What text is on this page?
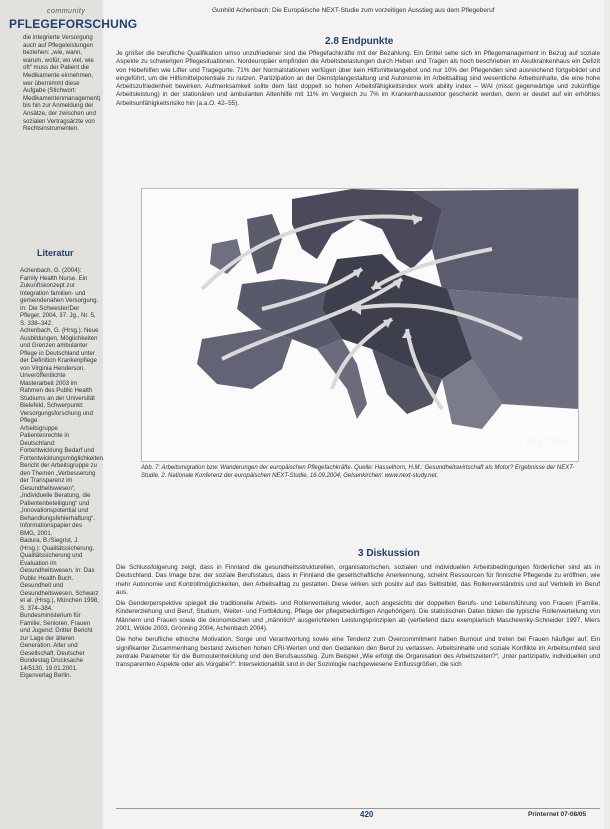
community
PFLEGEFORSCHUNG
Gunhild Achenbach: Die Europäische NEXT-Studie zum vorzeitigen Ausstieg aus dem Pflegeberuf
die integrierte Versorgung auch auf Pflegeleistungen beziehen: „wie, wann, warum, wofür, wo viel, wie oft“ muss der Patient die Medikamente einnehmen, wer übernimmt diese Aufgabe (Stichwort: Medikamentenmanagement) bis hin zur Anmeldung der Ansätze, der zwischen und sozialen Vertragsärzte von Rechtsinstrumenten.
Literatur

Achenbach, G. (2004): Family Health Nurse. Ein Zukunftskonzept zur Integration familien- und gemeindenahen Versorgung. In: Die Schwester/Der Pfleger, 2004, 37. Jg., Nr. 5, S. 338–342.

Achenbach, G. (Hrsg.): Neue Ausbildungen, Möglichkeiten und Grenzen ambulanter Pflege in Deutschland unter der Definition Krankenpflege von Virginia Henderson. Unveröffentlichte Masterarbeit 2003 im Rahmen des Public Health Studiums an der Universität Bielefeld, Schwerpunkt: Versorgungsforschung und Pflege.

Arbeitsgruppe Patientenrechte in Deutschland: Fortentwicklung Bedarf und Fortentwicklungsmöglichkeiten. Bericht der Arbeitsgruppe zu den Themen „Verbesserung der Transparenz im Gesundheitswesen“, „Individuelle Beratung, die Patientenbeteiligung“ und „Innovationspotential und Behandlungsfehlerhaftung“. Informationspapier des BMG, 2001.

Badura, B./Siegrist, J. (Hrsg.): Qualitätssicherung, Qualitätssicherung und Evaluation im Gesundheitswesen. In: Das Public Health Buch. Gesundheit und Gesundheitswesen. Schwarz et al. (Hrsg.), München 1998, S. 374–384.

Bundesministerium für Familie, Senioren, Frauen und Jugend: Dritter Bericht zur Lage der älteren Generation. Alter und Gesellschaft. Deutscher Bundestag Drucksache 14/5130, 19.01.2001. Eigenverlag Berlin.

2.8 Endpunkte

Je größer die berufliche Qualifikation umso unzufriedener sind die Pflegefachkräfte mit der Bezahlung. Ein Drittel sehe sich im Pflegemanagement in Bezug auf soziale Aspekte zu schwierigen Pflegesituationen. Nordeuropäer empfinden die Arbeitsbelastungen durch Heben und Tragen als hoch beschrieben im Akutkrankenhaus ein Defizit von Hebehilfen wie Lifter und Tragegurte. 71% der Normalstationen verfügen über kein Hilfsmittelangebot und nur 10% der Pflegenden sind ausreichend fortgebildet und eingeführt, um die Hilfsmittelpotentiale zu nutzen. Partizipation an der Dienstplangestaltung und Autonomie im Arbeitsalltag sind wesentliche Arbeitsinhalte, die eine hohe Arbeitszufriedenheit bewirken. Aufmerksamkeit sollte dem fast doppelt so hohen Arbeitsfähigkeitsindex work ability index – WAI (misst gegenwärtige und zukünftige Arbeitsleistung) in der stationären und ambulanten Altenhilfe mit 11% im Vergleich zu 7% im Krankenhaussektor geschenkt werden, denn er deutet auf ein erhöhtes Arbeitsunfähigkeitsrisiko hin (a.a.O. 42–55).

NEXT 2002
Abb. 7: Arbeitsmigration bzw. Wanderungen der europäischen Pflegefachkräfte. Quelle: Hasselhorn, H.M.: Gesundheitswirtschaft als Motor? Ergebnisse der NEXT-Studie. 2. Nationale Konferenz der europäischen NEXT-Studie, 16.09.2004, Gelsenkirchen: www.next-study.net.
3 Diskussion

Die Schlussfolgerung zeigt, dass in Finnland die gesundheitsstrukturellen, organisatorischen, sozialen und individuellen Arbeitsbedingungen förderlicher sind als in Deutschland. Das Image bzw. der soziale Berufsstatus, dass in Finnland die gesellschaftliche Anerkennung, scheint Ressourcen für finnische Pflegende zu eröffnen, wie mehr Autonomie und Kontrollmöglichkeiten, den Arbeitsalltag zu gestalten. Diese wirken sich positiv auf das Selbstbild, das Rollenverständnis und auf Verbleib im Beruf aus.

Die Genderperspektive spiegelt die traditionelle Arbeits- und Rollenverteilung wieder, auch angesichts der doppelten Berufs- und Lebensführung von Frauen (Familie, Kindererziehung und Beruf, Studium, Weiter- und Fortbildung, Pflege der pflegebedürftigen Angehörigen). Die statistischen Daten bilden die typische Rollenverteilung von Männern und Frauen sowie die ökonomischen und „männlich“ ausgerichteten Leistungsprinzipien ab (vertiefend dazu exemplarisch Maschewsky-Schneider 1997, Miers 2001, Wölde 2003, Grönning 2004, Achenbach 2004).

Die hohe berufliche ethische Motivation, Sorge und Verantwortung sowie eine Tendenz zum Overcommitment haben Burnout und treten bei Frauen häufiger auf. Ein signifikanter Zusammenhang bestand zwischen hohen CRI-Werten und den Gedanken den Beruf zu verlassen. Arbeitsinhalte und soziale Konflikte im Arbeitsumfeld sind zentrale Parameter für die Burnoutentwicklung und den Berufsausstieg. Zum Beispiel „Wie erfolgt die Organisation des Arbeitszeiten?“, „Inter partizipativ, individuellen und transparenten Aspekte oder als Vorgabe?“. Intersektionalität sind in der Soziologie nachgewiesene Einflussgrößen, die sich

420	Printernet 07-08/05
